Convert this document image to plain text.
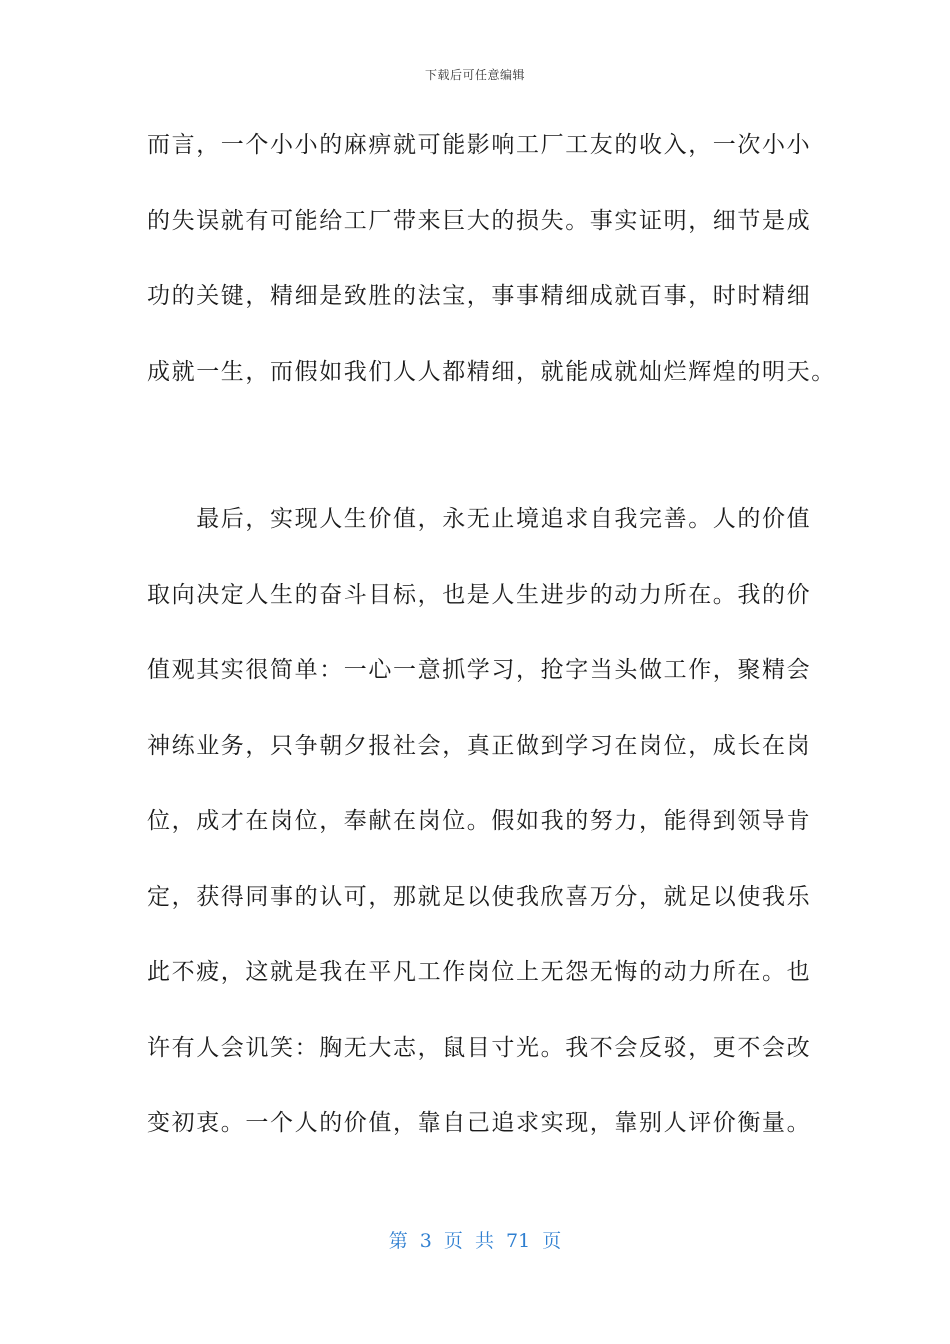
下载后可任意编辑
而言，一个小小的麻痹就可能影响工厂工友的收入，一次小小
的失误就有可能给工厂带来巨大的损失。事实证明，细节是成
功的关键，精细是致胜的法宝，事事精细成就百事，时时精细
成就一生，而假如我们人人都精细，就能成就灿烂辉煌的明天。
　　最后，实现人生价值，永无止境追求自我完善。人的价值
取向决定人生的奋斗目标，也是人生进步的动力所在。我的价
值观其实很简单：一心一意抓学习，抢字当头做工作，聚精会
神练业务，只争朝夕报社会，真正做到学习在岗位，成长在岗
位，成才在岗位，奉献在岗位。假如我的努力，能得到领导肯
定，获得同事的认可，那就足以使我欣喜万分，就足以使我乐
此不疲，这就是我在平凡工作岗位上无怨无悔的动力所在。也
许有人会讥笑：胸无大志，鼠目寸光。我不会反驳，更不会改
变初衷。一个人的价值，靠自己追求实现，靠别人评价衡量。
第 3 页 共 71 页
